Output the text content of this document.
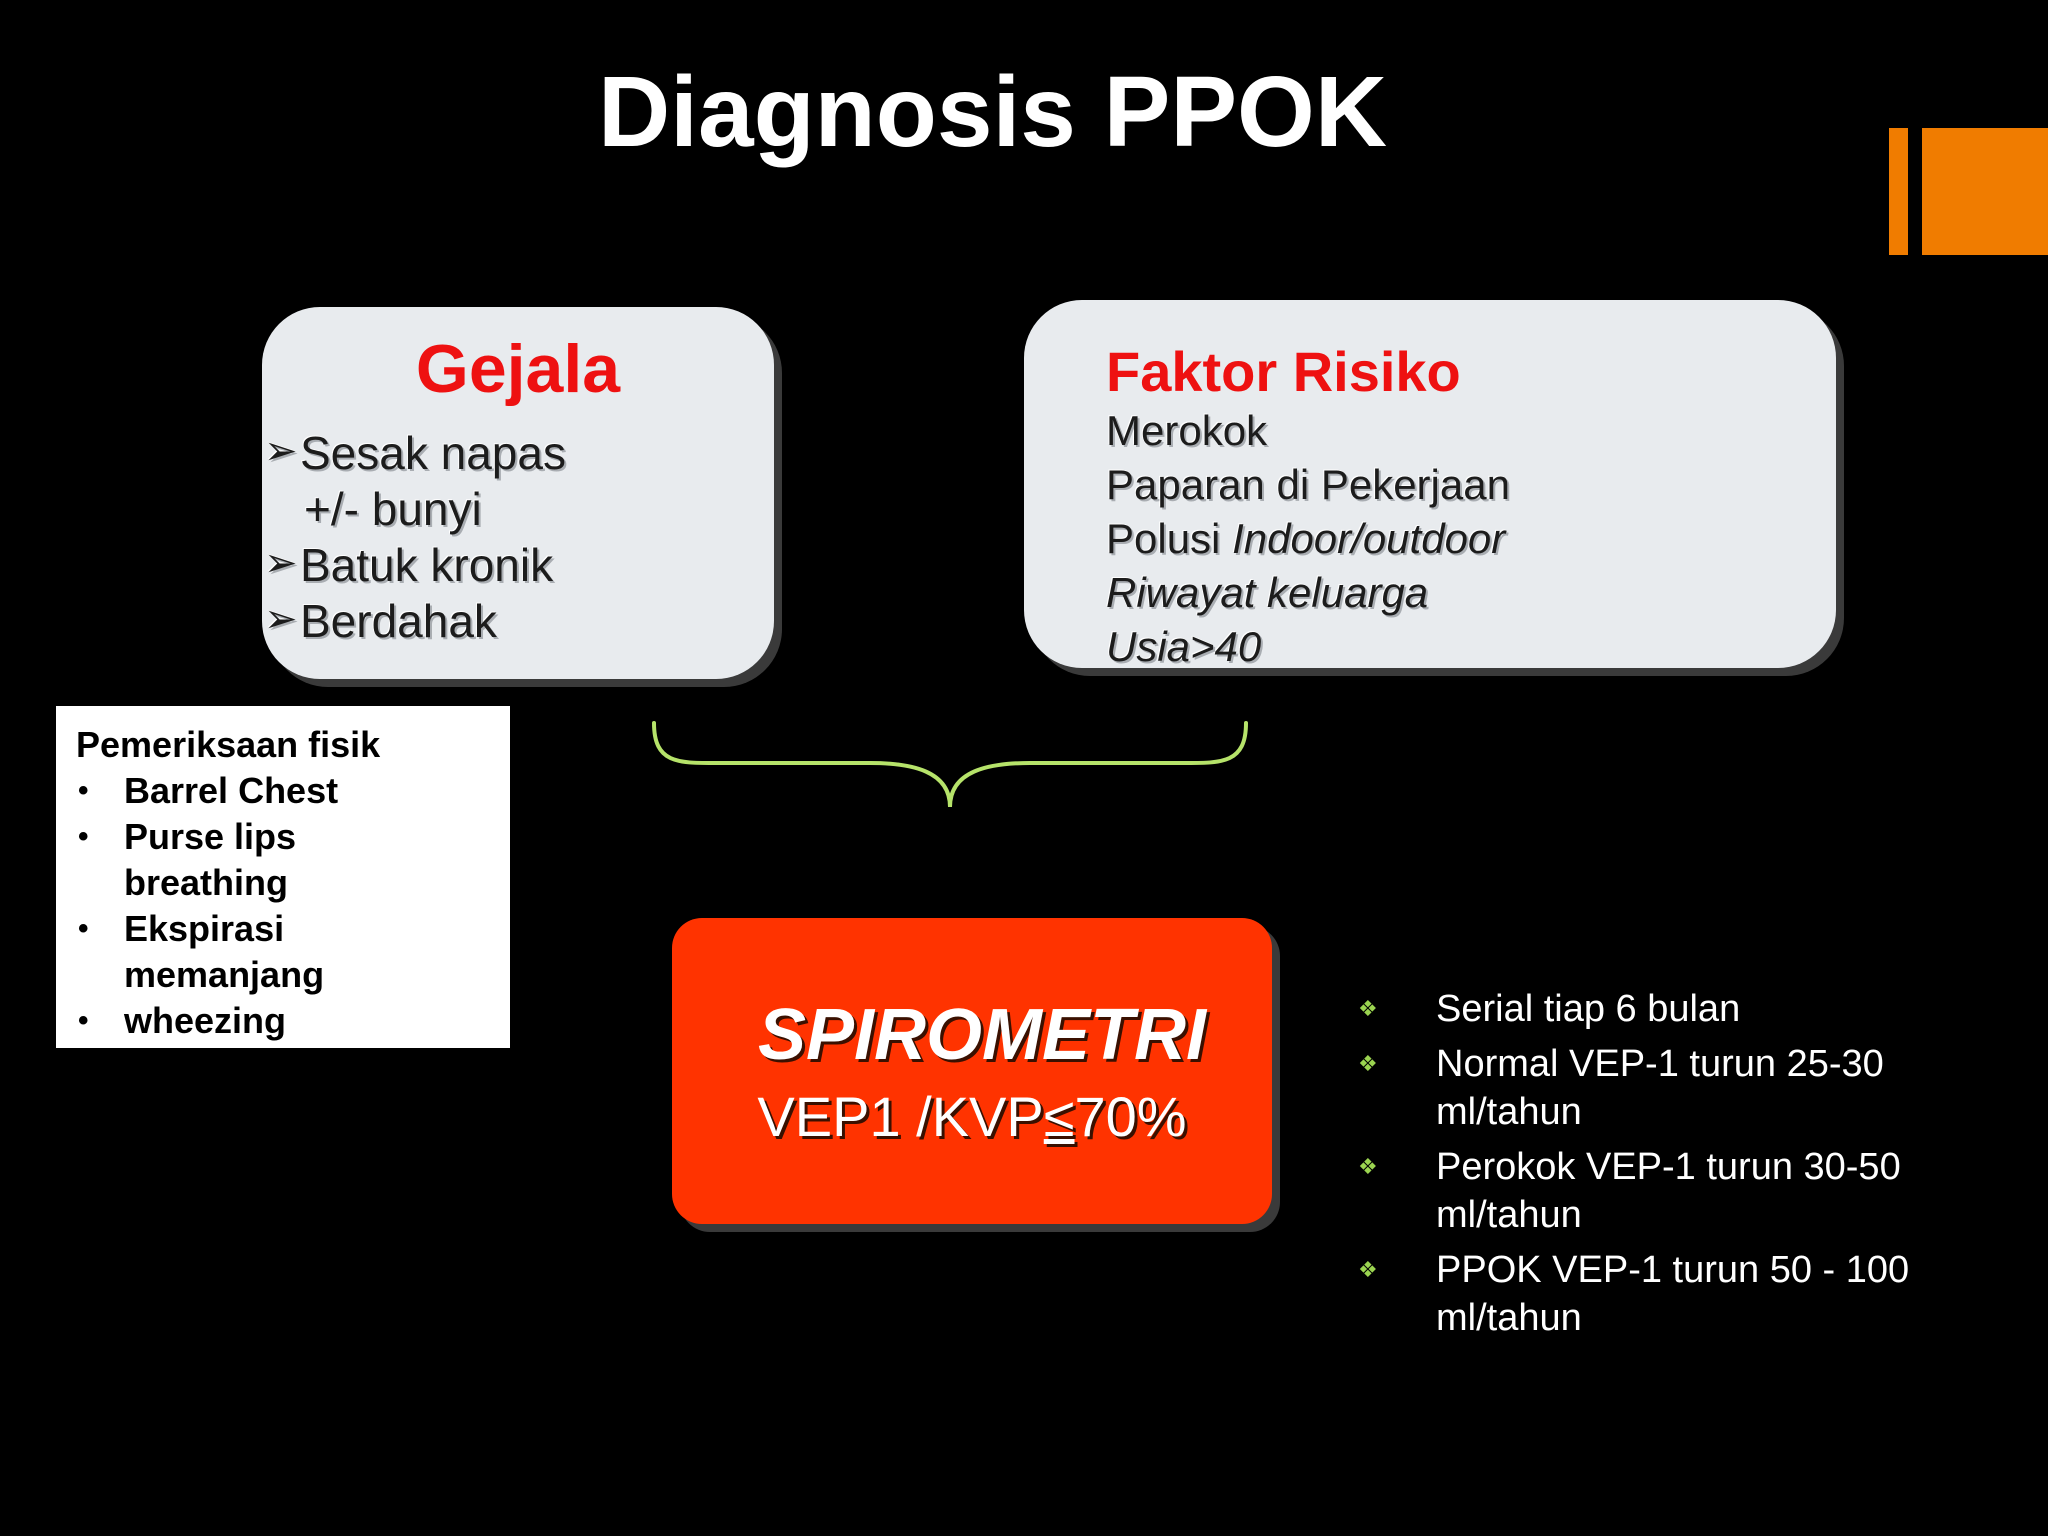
Diagnosis PPOK
Gejala
➢ Sesak napas
+/- bunyi
➢ Batuk kronik
➢ Berdahak
Faktor Risiko
Merokok
Paparan di Pekerjaan
Polusi Indoor/outdoor
Riwayat keluarga
Usia>40
Pemeriksaan fisik
• Barrel Chest
• Purse lips
breathing
• Ekspirasi
memanjang
• wheezing	SPIROMETRI
VEP1 /KVP≤70%
❖ Serial tiap 6 bulan
❖ Normal VEP-1 turun 25-30
ml/tahun
❖ Perokok VEP-1 turun 30-50
ml/tahun
❖ PPOK VEP-1 turun 50 - 100
ml/tahun
